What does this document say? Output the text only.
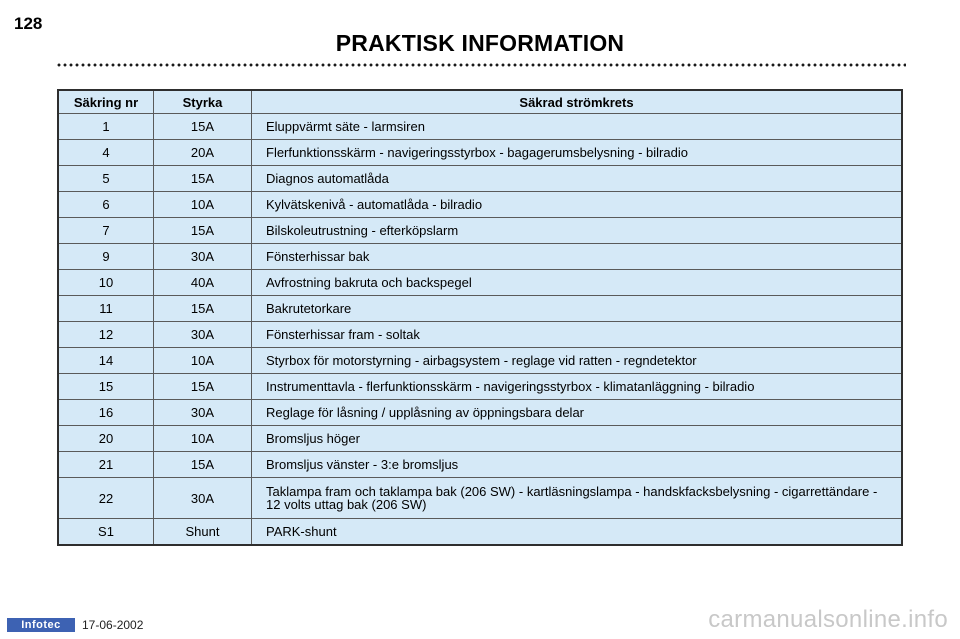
128
PRAKTISK INFORMATION
Säkring nr	Styrka	Säkrad strömkrets
1	15A	Eluppvärmt säte - larmsiren
4	20A	Flerfunktionsskärm - navigeringsstyrbox - bagagerumsbelysning - bilradio
5	15A	Diagnos automatlåda
6	10A	Kylvätskenivå - automatlåda - bilradio
7	15A	Bilskoleutrustning - efterköpslarm
9	30A	Fönsterhissar bak
10	40A	Avfrostning bakruta och backspegel
11	15A	Bakrutetorkare
12	30A	Fönsterhissar fram - soltak
14	10A	Styrbox för motorstyrning - airbagsystem - reglage vid ratten - regndetektor
15	15A	Instrumenttavla - flerfunktionsskärm - navigeringsstyrbox - klimatanläggning - bilradio
16	30A	Reglage för låsning / upplåsning av öppningsbara delar
20	10A	Bromsljus höger
21	15A	Bromsljus vänster - 3:e bromsljus
22	30A	Taklampa fram och taklampa bak (206 SW) - kartläsningslampa - handskfacksbelysning - cigarrettändare - 12 volts uttag bak (206 SW)
S1	Shunt	PARK-shunt
Infotec	17-06-2002	carmanualsonline.info
